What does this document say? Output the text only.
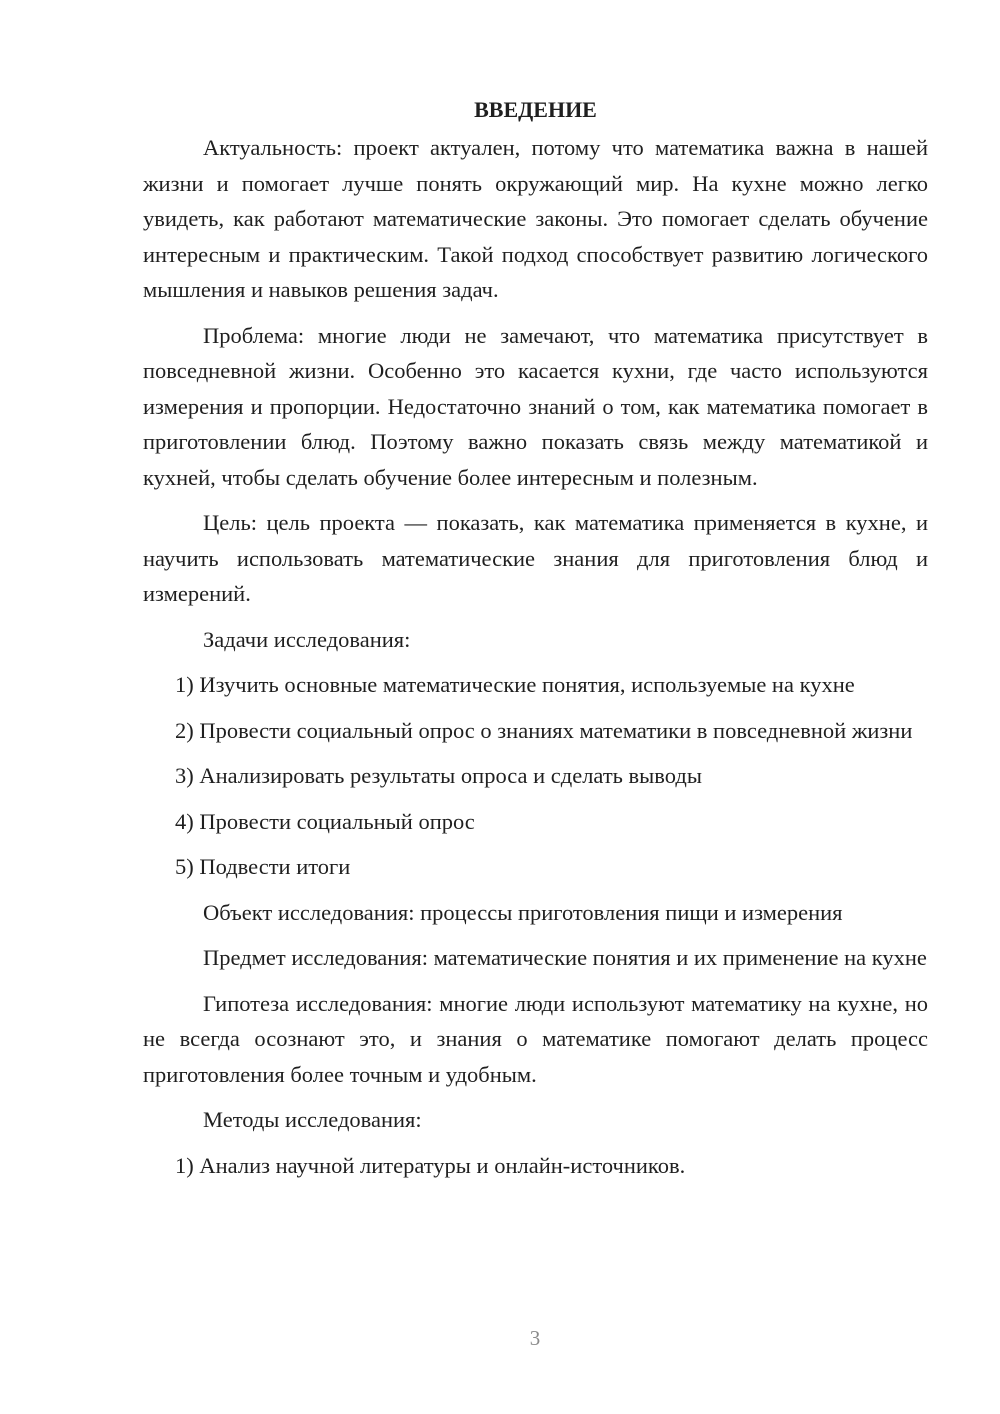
ВВЕДЕНИЕ

Актуальность: проект актуален, потому что математика важна в нашей жизни и помогает лучше понять окружающий мир. На кухне можно легко увидеть, как работают математические законы. Это помогает сделать обучение интересным и практическим. Такой подход способствует развитию логического мышления и навыков решения задач.

Проблема: многие люди не замечают, что математика присутствует в повседневной жизни. Особенно это касается кухни, где часто используются измерения и пропорции. Недостаточно знаний о том, как математика помогает в приготовлении блюд. Поэтому важно показать связь между математикой и кухней, чтобы сделать обучение более интересным и полезным.

Цель: цель проекта — показать, как математика применяется в кухне, и научить использовать математические знания для приготовления блюд и измерений.

Задачи исследования:

1) Изучить основные математические понятия, используемые на кухне

2) Провести социальный опрос о знаниях математики в повседневной жизни

3) Анализировать результаты опроса и сделать выводы

4) Провести социальный опрос

5) Подвести итоги

Объект исследования: процессы приготовления пищи и измерения

Предмет исследования: математические понятия и их применение на кухне

Гипотеза исследования: многие люди используют математику на кухне, но не всегда осознают это, и знания о математике помогают делать процесс приготовления более точным и удобным.

Методы исследования:

1) Анализ научной литературы и онлайн-источников.

3
